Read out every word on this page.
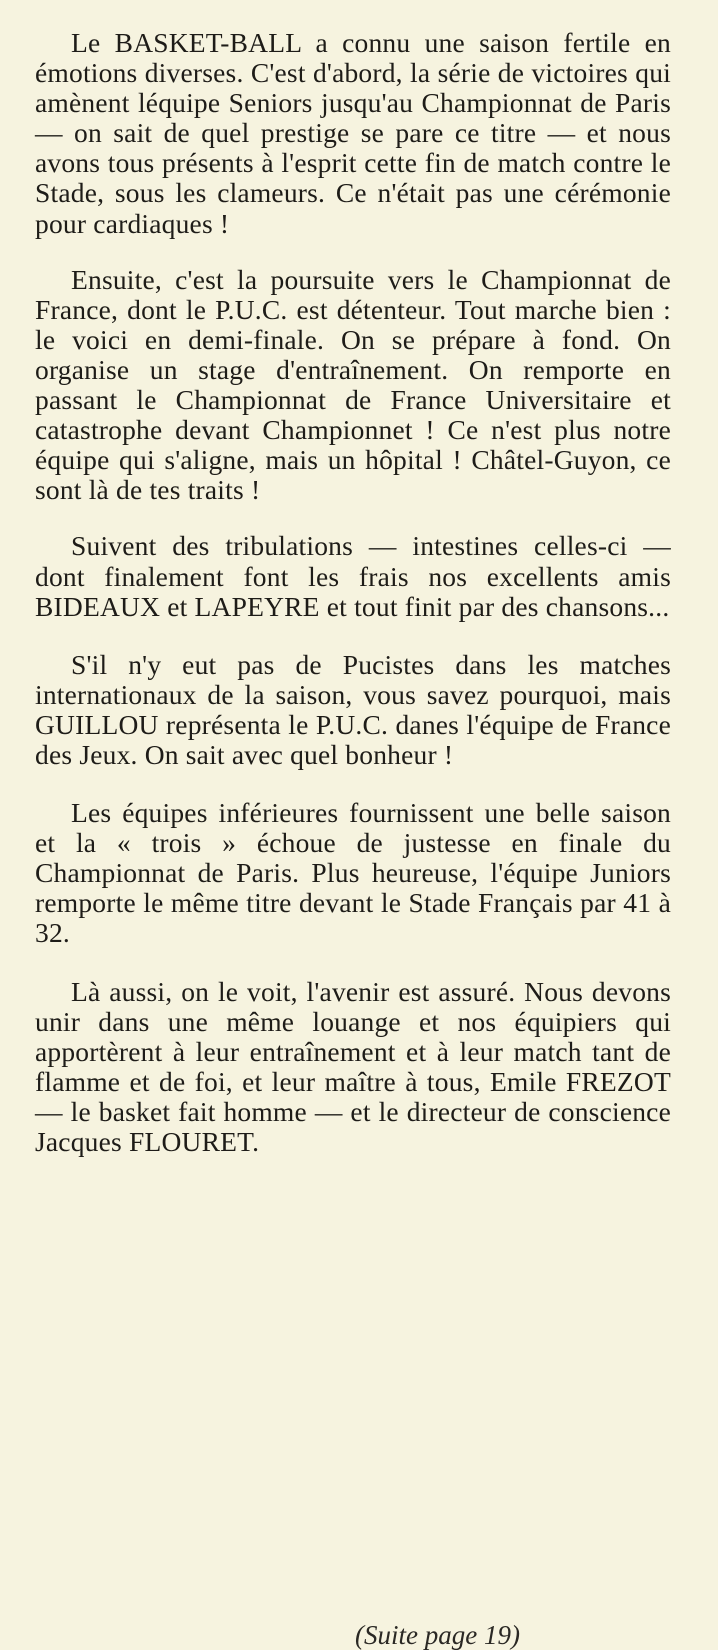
Le BASKET-BALL a connu une saison fertile en émotions diverses. C'est d'abord, la série de victoires qui amènent léquipe Seniors jusqu'au Championnat de Paris — on sait de quel prestige se pare ce titre — et nous avons tous présents à l'esprit cette fin de match contre le Stade, sous les clameurs. Ce n'était pas une cérémonie pour cardiaques !

Ensuite, c'est la poursuite vers le Championnat de France, dont le P.U.C. est détenteur. Tout marche bien : le voici en demi-finale. On se prépare à fond. On organise un stage d'entraînement. On remporte en passant le Championnat de France Universitaire et catastrophe devant Championnet ! Ce n'est plus notre équipe qui s'aligne, mais un hôpital ! Châtel-Guyon, ce sont là de tes traits !

Suivent des tribulations — intestines celles-ci — dont finalement font les frais nos excellents amis BIDEAUX et LAPEYRE et tout finit par des chansons...

S'il n'y eut pas de Pucistes dans les matches internationaux de la saison, vous savez pourquoi, mais GUILLOU représenta le P.U.C. danes l'équipe de France des Jeux. On sait avec quel bonheur !

Les équipes inférieures fournissent une belle saison et la « trois » échoue de justesse en finale du Championnat de Paris. Plus heureuse, l'équipe Juniors remporte le même titre devant le Stade Français par 41 à 32.

Là aussi, on le voit, l'avenir est assuré. Nous devons unir dans une même louange et nos équipiers qui apportèrent à leur entraînement et à leur match tant de flamme et de foi, et leur maître à tous, Emile FREZOT — le basket fait homme — et le directeur de conscience Jacques FLOURET.

(Suite page 19)
